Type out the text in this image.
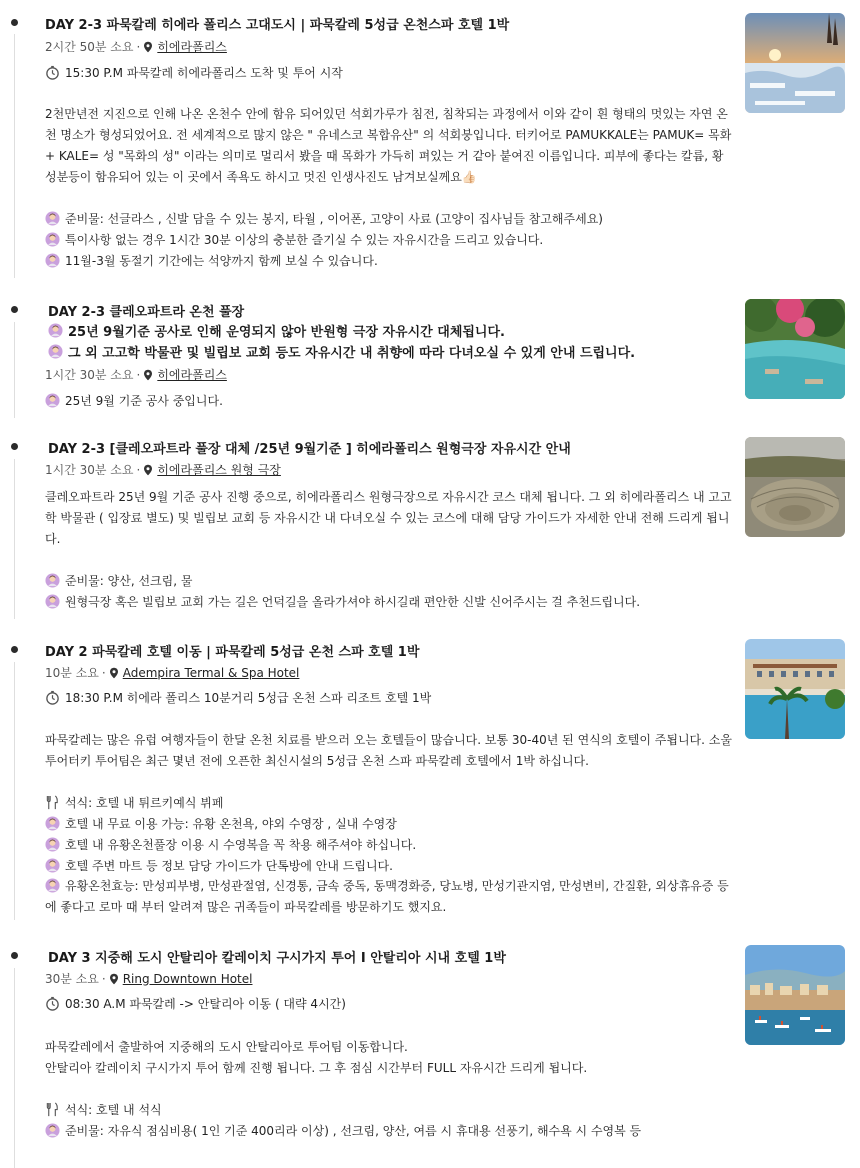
DAY 2-3 파묵칼레 히에라 폴리스 고대도시 | 파묵칼레 5성급 온천스파 호텔 1박
2시간 50분 소요 · 히에라폴리스
15:30 P.M 파묵칼레 히에라폴리스 도착 및 투어 시작
2천만년전 지진으로 인해 나온 온천수 안에 함유 되어있던 석회가루가 침전, 침착되는 과정에서 이와 같이 흰 형태의 멋있는 자연 온천 명소가 형성되었어요. 전 세계적으로 많지 않은 " 유네스코 복합유산" 의 석회붕입니다. 터키어로 PAMUKKALE는 PAMUK= 목화+ KALE= 성 "목화의 성" 이라는 의미로 멀리서 봤을 때 목화가 가득히 펴있는 거 같아 붙여진 이름입니다. 피부에 좋다는 칼륨, 황성분등이 함유되어 있는 이 곳에서 족욕도 하시고 멋진 인생사진도 남겨보실께요👍🏻
준비물: 선글라스 , 신발 담을 수 있는 봉지, 타월 , 이어폰, 고양이 사료 (고양이 집사님들 참고해주세요)
특이사항 없는 경우 1시간 30분 이상의 충분한 즐기실 수 있는 자유시간을 드리고 있습니다.
11월-3월 동절기 기간에는 석양까지 함께 보실 수 있습니다.
DAY 2-3 클레오파트라 온천 풀장
25년 9월기준 공사로 인해 운영되지 않아 반원형 극장 자유시간 대체됩니다.
그 외 고고학 박물관 및 빌립보 교회 등도 자유시간 내 취향에 따라 다녀오실 수 있게 안내 드립니다.
1시간 30분 소요 · 히에라폴리스
25년 9월 기준 공사 중입니다.
DAY 2-3 [클레오파트라 풀장 대체 /25년 9월기준 ] 히에라폴리스 원형극장 자유시간 안내
1시간 30분 소요 · 히에라폴리스 원형 극장
클레오파트라 25년 9월 기준 공사 진행 중으로, 히에라폴리스 원형극장으로 자유시간 코스 대체 됩니다. 그 외 히에라폴리스 내 고고학 박물관 ( 입장료 별도) 및 빌립보 교회 등 자유시간 내 다녀오실 수 있는 코스에 대해 담당 가이드가 자세한 안내 전해 드리게 됩니다.
준비물: 양산, 선크림, 물
원형극장 혹은 빌립보 교회 가는 길은 언덕길을 올라가셔야 하시길래 편안한 신발 신어주시는 걸 추천드립니다.
DAY 2 파묵칼레 호텔 이동 | 파묵칼레 5성급 온천 스파 호텔 1박
10분 소요 · Adempira Termal & Spa Hotel
18:30 P.M 히에라 폴리스 10분거리 5성급 온천 스파 리조트 호텔 1박
파묵칼레는 많은 유럽 여행자들이 한달 온천 치료를 받으러 오는 호텔들이 많습니다. 보통 30-40년 된 연식의 호텔이 주됩니다. 소울투어터키 투어팀은 최근 몇년 전에 오픈한 최신시설의 5성급 온천 스파 파묵칼레 호텔에서 1박 하십니다.
석식: 호텔 내 튀르키예식 뷔페
호텔 내 무료 이용 가능: 유황 온천욕, 야외 수영장 , 실내 수영장
호텔 내 유황온천풀장 이용 시 수영복을 꼭 착용 해주셔야 하십니다.
호텔 주변 마트 등 정보 담당 가이드가 단톡방에 안내 드립니다.
유황온천효능: 만성피부병, 만성관절염, 신경통, 금속 중독, 동맥경화증, 당뇨병, 만성기관지염, 만성변비, 간질환, 외상휴유증 등에 좋다고 로마 때 부터 알려져 많은 귀족들이 파묵칼레를 방문하기도 했지요.
DAY 3 지중해 도시 안탈리아 칼레이치 구시가지 투어 I 안탈리아 시내 호텔 1박
30분 소요 · Ring Downtown Hotel
08:30 A.M 파묵칼레 -> 안탈리아 이동 ( 대략 4시간)
파묵칼레에서 출발하여 지중해의 도시 안탈리아로 투어팀 이동합니다.
안탈리아 칼레이치 구시가지 투어 함께 진행 됩니다. 그 후 점심 시간부터 FULL 자유시간 드리게 됩니다.
석식: 호텔 내 석식
준비물: 자유식 점심비용( 1인 기준 400리라 이상) , 선크림, 양산, 여름 시 휴대용 선풍기, 해수욕 시 수영복 등
